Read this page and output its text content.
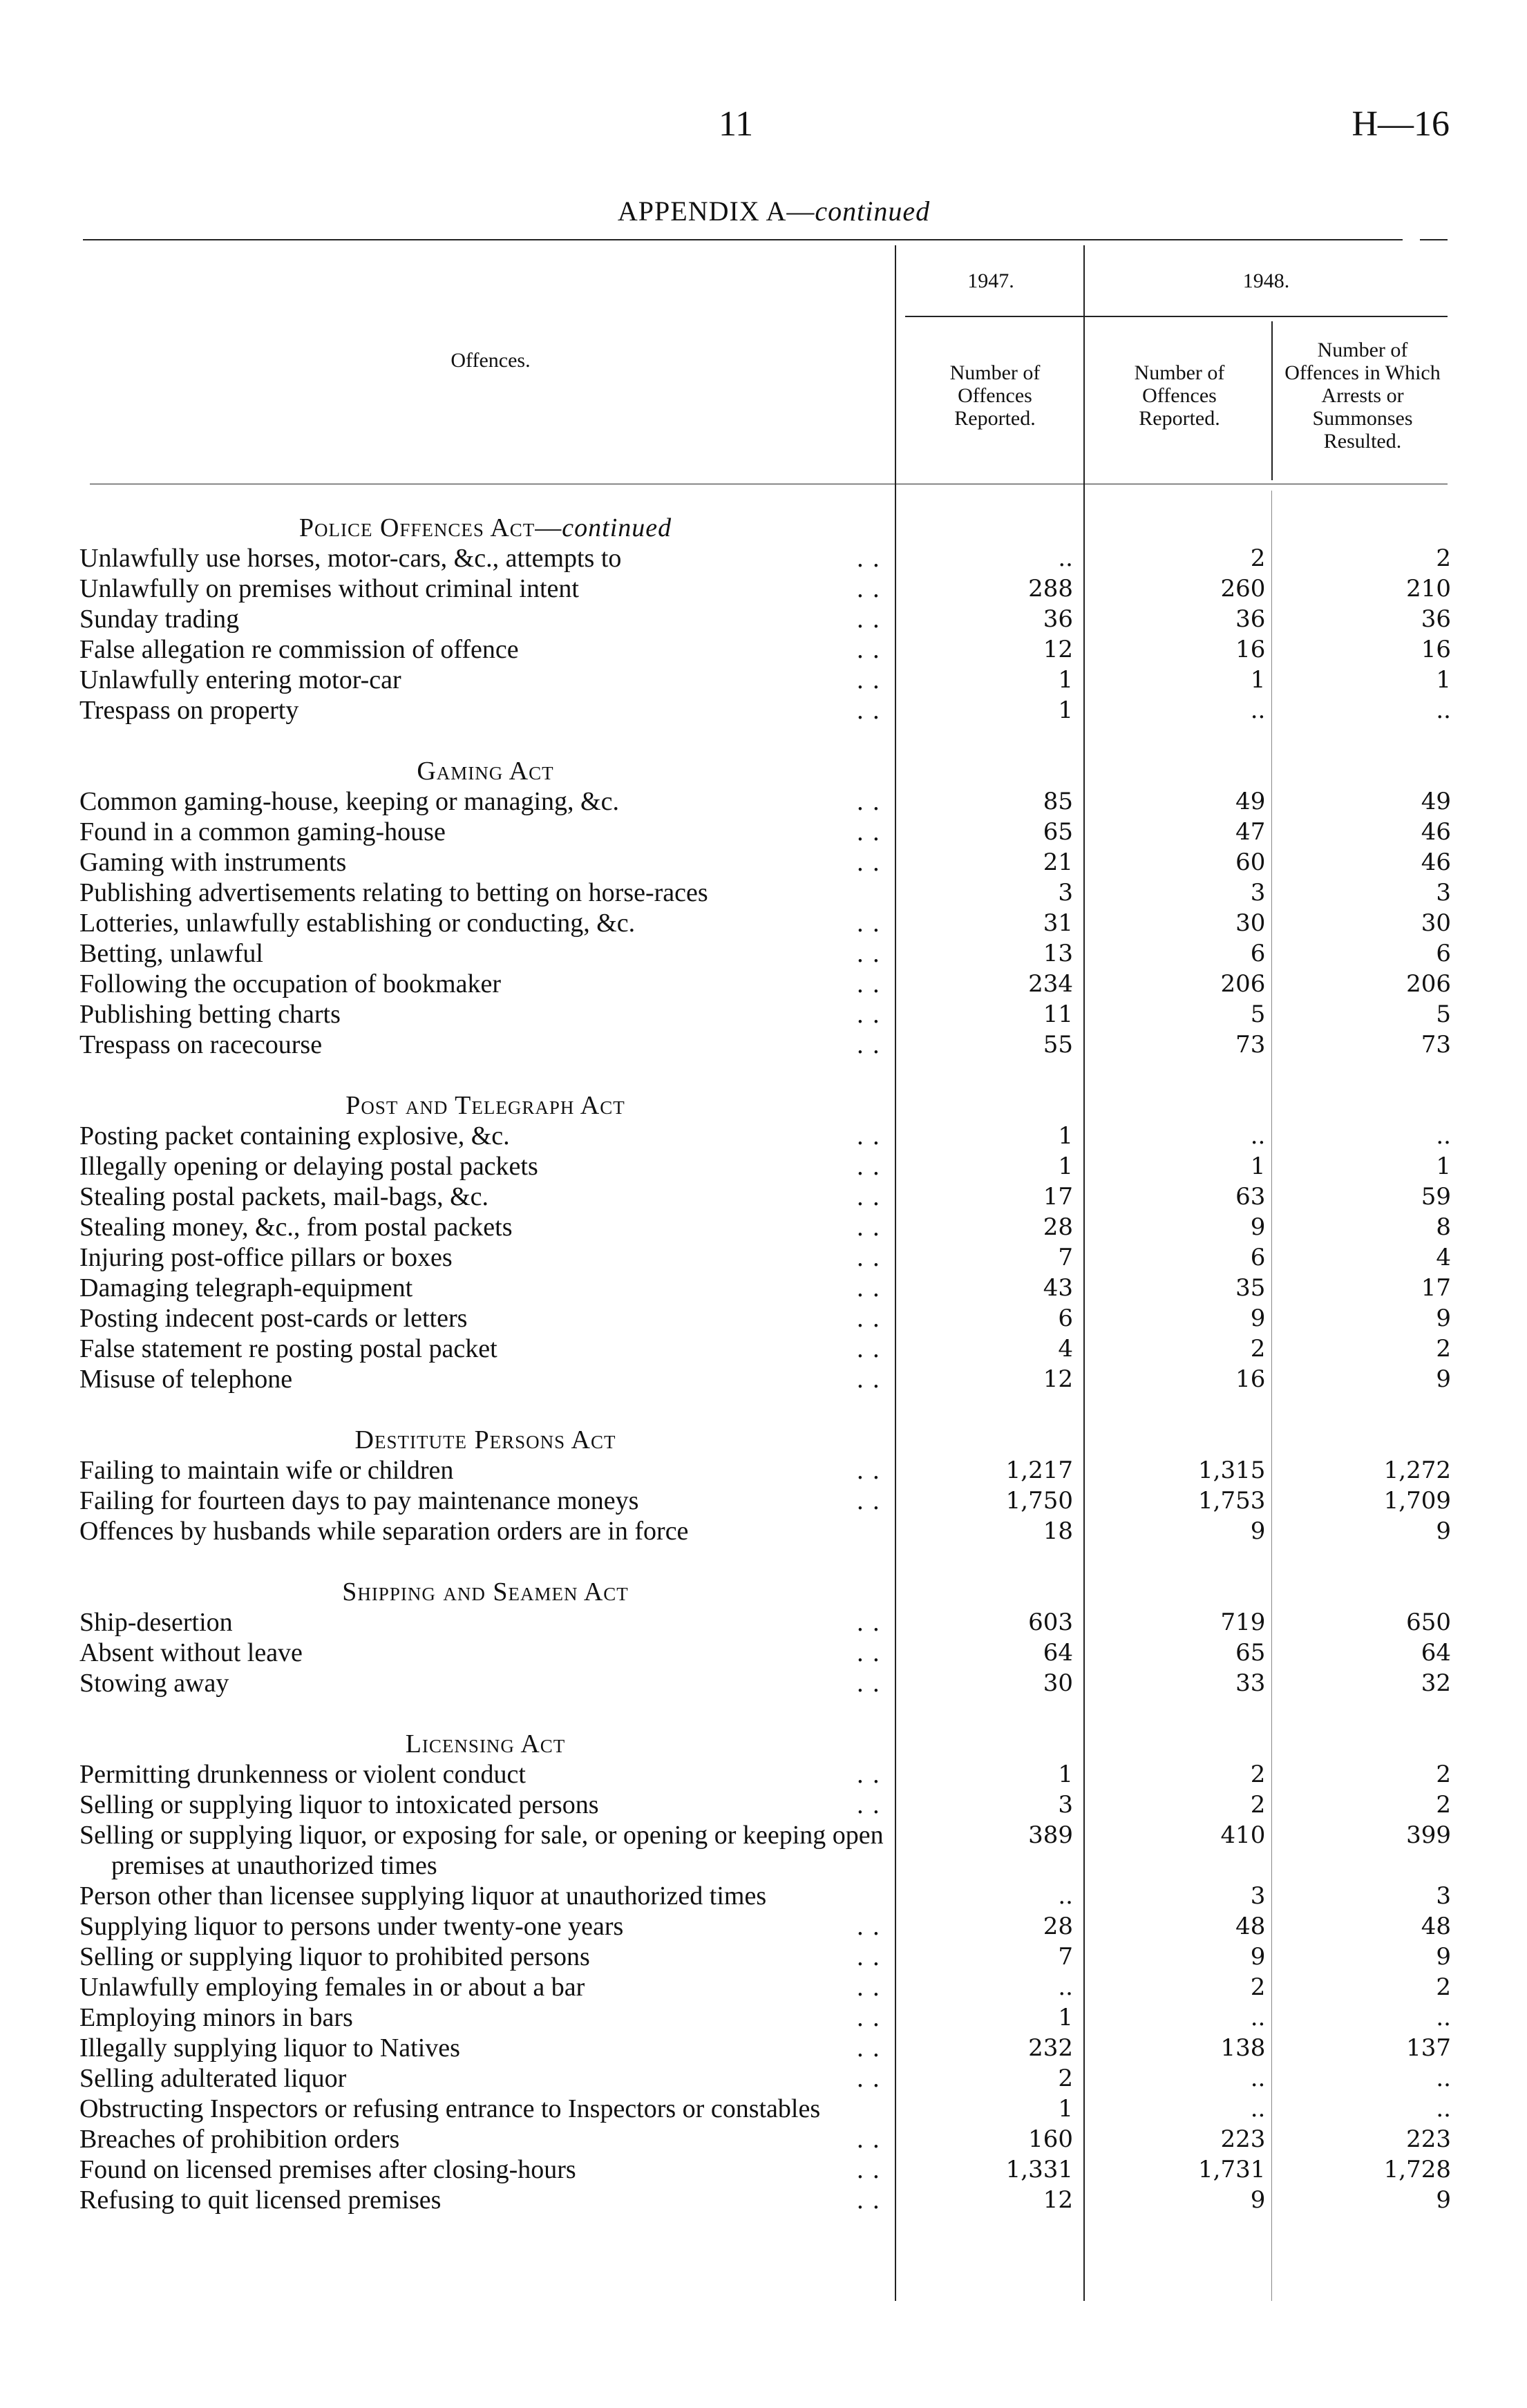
11	H—16
APPENDIX A—continued
Offences.
1947.	1948.
Number of Offences Reported.
Number of Offences Reported.
Number of Offences in Which Arrests or Summonses Resulted.
Police Offences Act—continued
Unlawfully use horses, motor-cars, &c., attempts to . .	..	2	2
Unlawfully on premises without criminal intent . .	288	260	210
Sunday trading . .	36	36	36
False allegation re commission of offence . .	12	16	16
Unlawfully entering motor-car . .	1	1	1
Trespass on property . .	1	..	..
Gaming Act
Common gaming-house, keeping or managing, &c. . .	85	49	49
Found in a common gaming-house . .	65	47	46
Gaming with instruments . .	21	60	46
Publishing advertisements relating to betting on horse-races	3	3	3
Lotteries, unlawfully establishing or conducting, &c. . .	31	30	30
Betting, unlawful . .	13	6	6
Following the occupation of bookmaker . .	234	206	206
Publishing betting charts . .	11	5	5
Trespass on racecourse . .	55	73	73
Post and Telegraph Act
Posting packet containing explosive, &c. . .	1	..	..
Illegally opening or delaying postal packets . .	1	1	1
Stealing postal packets, mail-bags, &c. . .	17	63	59
Stealing money, &c., from postal packets . .	28	9	8
Injuring post-office pillars or boxes . .	7	6	4
Damaging telegraph-equipment . .	43	35	17
Posting indecent post-cards or letters . .	6	9	9
False statement re posting postal packet . .	4	2	2
Misuse of telephone . .	12	16	9
Destitute Persons Act
Failing to maintain wife or children . .	1,217	1,315	1,272
Failing for fourteen days to pay maintenance moneys . .	1,750	1,753	1,709
Offences by husbands while separation orders are in force	18	9	9
Shipping and Seamen Act
Ship-desertion . .	603	719	650
Absent without leave . .	64	65	64
Stowing away . .	30	33	32
Licensing Act
Permitting drunkenness or violent conduct . .	1	2	2
Selling or supplying liquor to intoxicated persons . .	3	2	2
Selling or supplying liquor, or exposing for sale, or opening or keeping open premises at unauthorized times
389	410	399
Person other than licensee supplying liquor at unauthorized times	..	3	3
Supplying liquor to persons under twenty-one years . .	28	48	48
Selling or supplying liquor to prohibited persons . .	7	9	9
Unlawfully employing females in or about a bar . .	..	2	2
Employing minors in bars . .	1	..	..
Illegally supplying liquor to Natives . .	232	138	137
Selling adulterated liquor . .	2	..	..
Obstructing Inspectors or refusing entrance to Inspectors or constables	1	..	..
Breaches of prohibition orders . .	160	223	223
Found on licensed premises after closing-hours . .	1,331	1,731	1,728
Refusing to quit licensed premises . .	12	9	9
